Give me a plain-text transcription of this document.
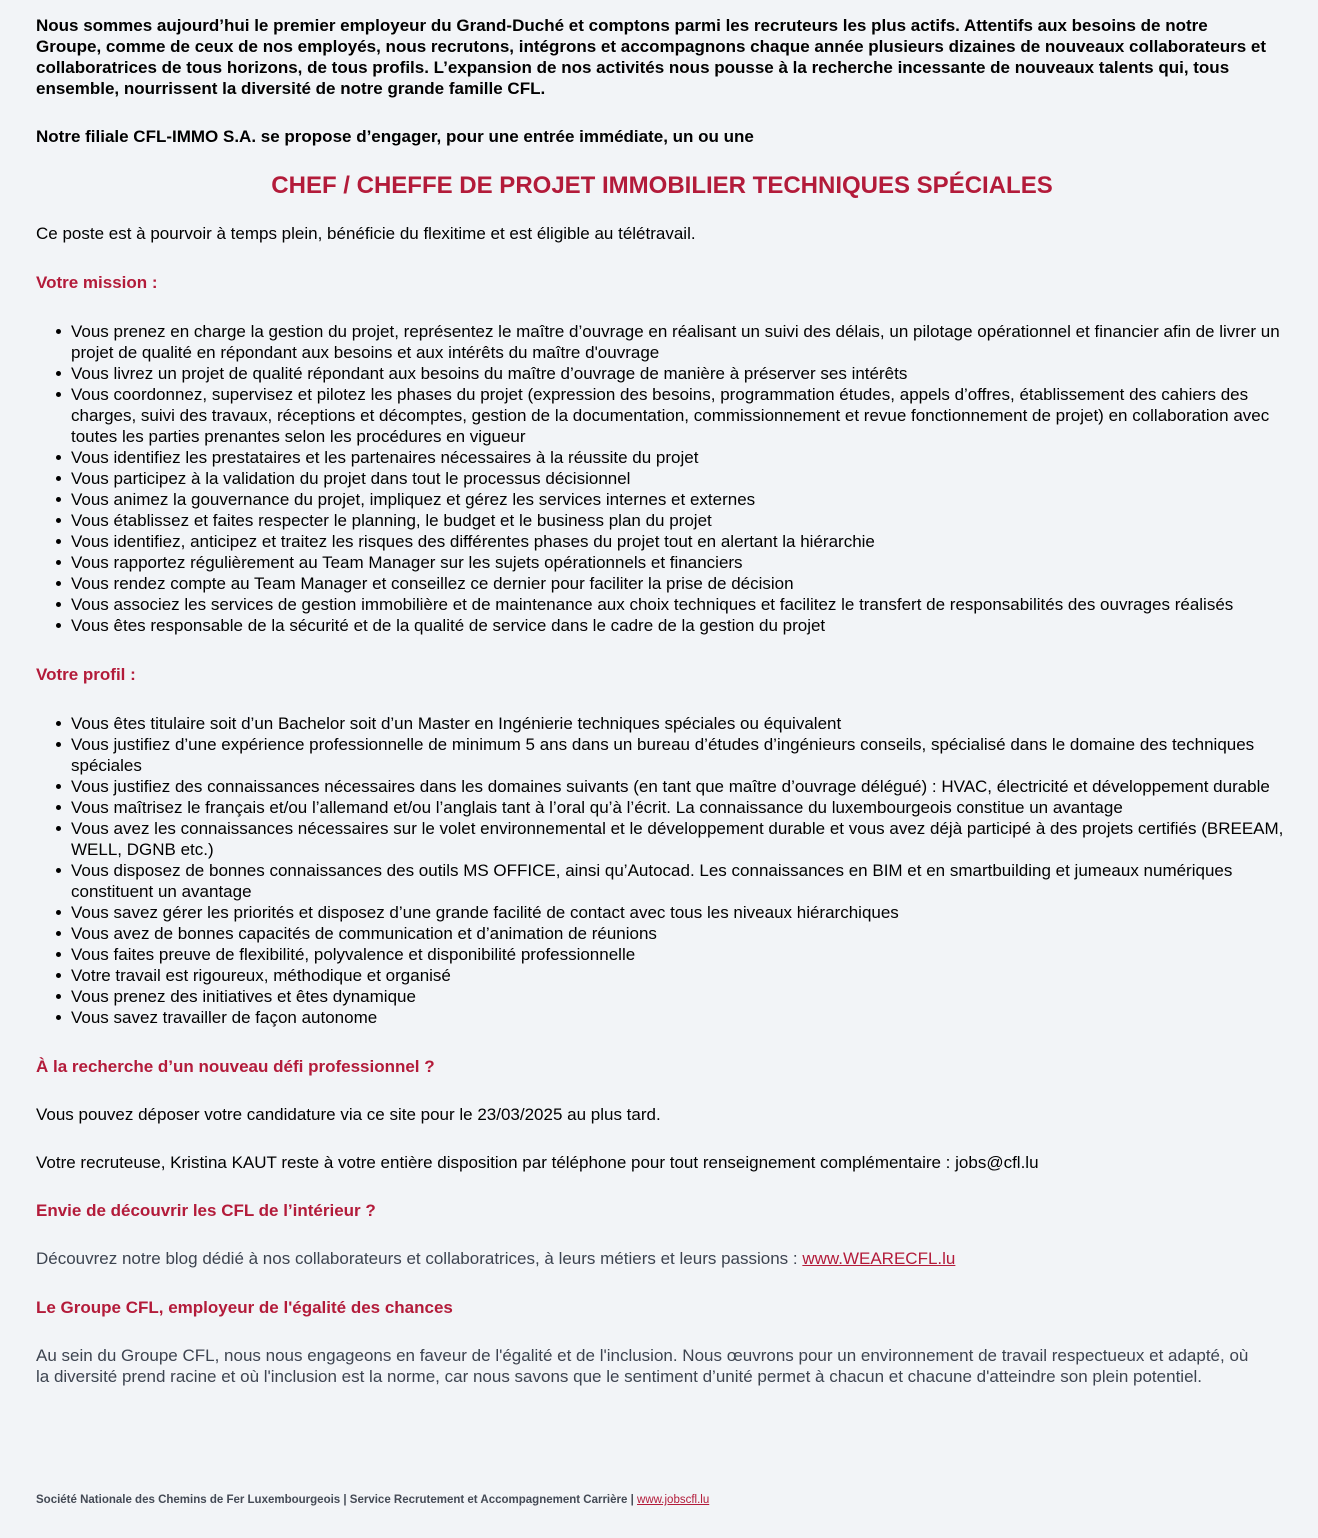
Nous sommes aujourd’hui le premier employeur du Grand-Duché et comptons parmi les recruteurs les plus actifs. Attentifs aux besoins de notre Groupe, comme de ceux de nos employés, nous recrutons, intégrons et accompagnons chaque année plusieurs dizaines de nouveaux collaborateurs et collaboratrices de tous horizons, de tous profils. L’expansion de nos activités nous pousse à la recherche incessante de nouveaux talents qui, tous ensemble, nourrissent la diversité de notre grande famille CFL.

Notre filiale CFL-IMMO S.A. se propose d’engager, pour une entrée immédiate, un ou une

CHEF / CHEFFE DE PROJET IMMOBILIER TECHNIQUES SPÉCIALES

Ce poste est à pourvoir à temps plein, bénéficie du flexitime et est éligible au télétravail.

Votre mission :
Vous prenez en charge la gestion du projet, représentez le maître d’ouvrage en réalisant un suivi des délais, un pilotage opérationnel et financier afin de livrer un projet de qualité en répondant aux besoins et aux intérêts du maître d'ouvrage
Vous livrez un projet de qualité répondant aux besoins du maître d’ouvrage de manière à préserver ses intérêts
Vous coordonnez, supervisez et pilotez les phases du projet (expression des besoins, programmation études, appels d’offres, établissement des cahiers des charges, suivi des travaux, réceptions et décomptes, gestion de la documentation, commissionnement et revue fonctionnement de projet) en collaboration avec toutes les parties prenantes selon les procédures en vigueur
Vous identifiez les prestataires et les partenaires nécessaires à la réussite du projet
Vous participez à la validation du projet dans tout le processus décisionnel
Vous animez la gouvernance du projet, impliquez et gérez les services internes et externes
Vous établissez et faites respecter le planning, le budget et le business plan du projet
Vous identifiez, anticipez et traitez les risques des différentes phases du projet tout en alertant la hiérarchie
Vous rapportez régulièrement au Team Manager sur les sujets opérationnels et financiers
Vous rendez compte au Team Manager et conseillez ce dernier pour faciliter la prise de décision
Vous associez les services de gestion immobilière et de maintenance aux choix techniques et facilitez le transfert de responsabilités des ouvrages réalisés
Vous êtes responsable de la sécurité et de la qualité de service dans le cadre de la gestion du projet
Votre profil :
Vous êtes titulaire soit d’un Bachelor soit d’un Master en Ingénierie techniques spéciales ou équivalent
Vous justifiez d’une expérience professionnelle de minimum 5 ans dans un bureau d’études d’ingénieurs conseils, spécialisé dans le domaine des techniques spéciales
Vous justifiez des connaissances nécessaires dans les domaines suivants (en tant que maître d’ouvrage délégué) : HVAC, électricité et développement durable
Vous maîtrisez le français et/ou l’allemand et/ou l’anglais tant à l’oral qu’à l’écrit. La connaissance du luxembourgeois constitue un avantage
Vous avez les connaissances nécessaires sur le volet environnemental et le développement durable et vous avez déjà participé à des projets certifiés (BREEAM, WELL, DGNB etc.)
Vous disposez de bonnes connaissances des outils MS OFFICE, ainsi qu’Autocad. Les connaissances en BIM et en smartbuilding et jumeaux numériques constituent un avantage
Vous savez gérer les priorités et disposez d’une grande facilité de contact avec tous les niveaux hiérarchiques
Vous avez de bonnes capacités de communication et d’animation de réunions
Vous faites preuve de flexibilité, polyvalence et disponibilité professionnelle
Votre travail est rigoureux, méthodique et organisé
Vous prenez des initiatives et êtes dynamique
Vous savez travailler de façon autonome
À la recherche d’un nouveau défi professionnel ?

Vous pouvez déposer votre candidature via ce site pour le 23/03/2025 au plus tard.

Votre recruteuse, Kristina KAUT reste à votre entière disposition par téléphone pour tout renseignement complémentaire : jobs@cfl.lu

Envie de découvrir les CFL de l’intérieur ?

Découvrez notre blog dédié à nos collaborateurs et collaboratrices, à leurs métiers et leurs passions : www.WEARECFL.lu

Le Groupe CFL, employeur de l'égalité des chances

Au sein du Groupe CFL, nous nous engageons en faveur de l'égalité et de l'inclusion. Nous œuvrons pour un environnement de travail respectueux et adapté, où la diversité prend racine et où l'inclusion est la norme, car nous savons que le sentiment d’unité permet à chacun et chacune d'atteindre son plein potentiel.

Société Nationale des Chemins de Fer Luxembourgeois | Service Recrutement et Accompagnement Carrière | www.jobscfl.lu
